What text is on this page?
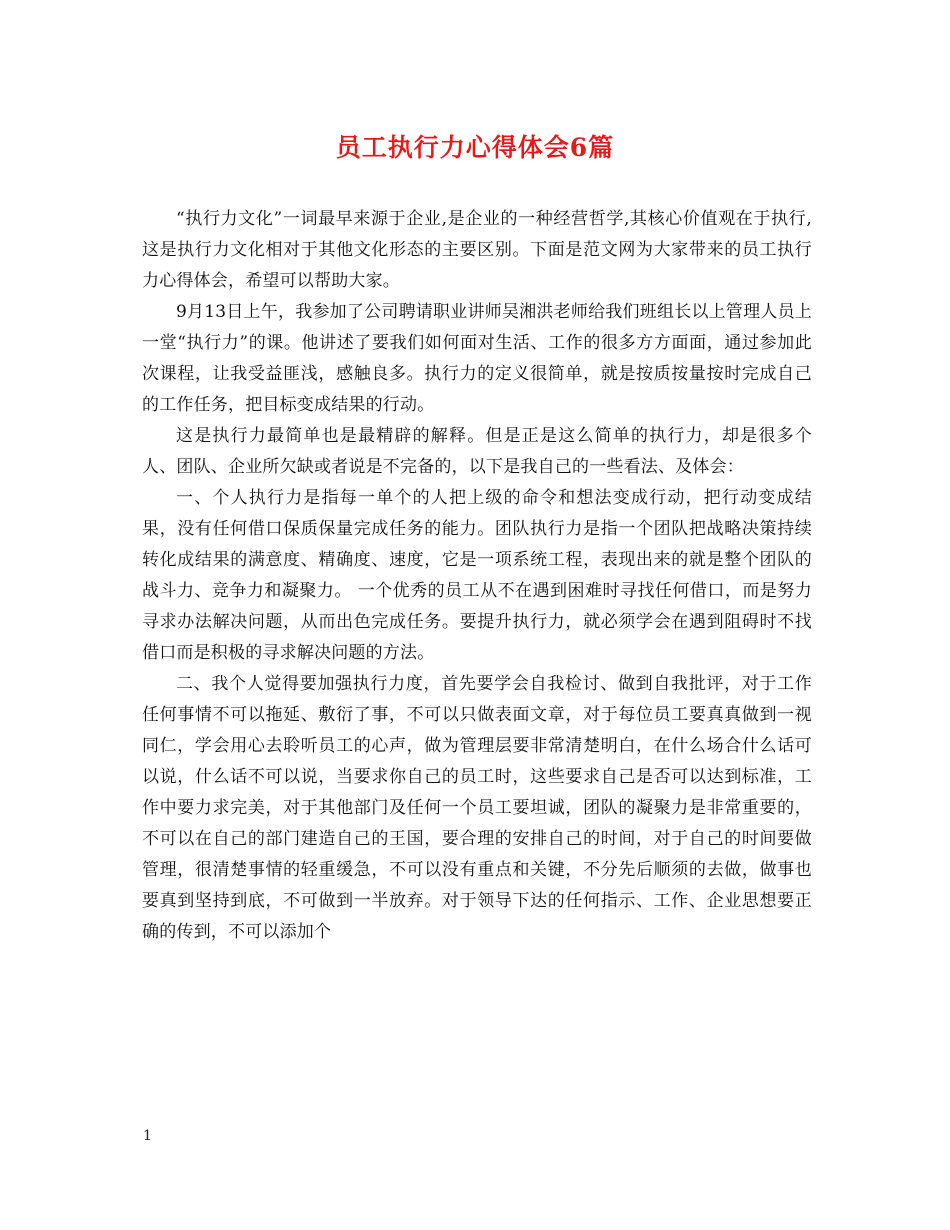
员工执行力心得体会6篇

“执行力文化”一词最早来源于企业,是企业的一种经营哲学,其核心价值观在于执行,这是执行力文化相对于其他文化形态的主要区别。下面是范文网为大家带来的员工执行力心得体会，希望可以帮助大家。

9月13日上午，我参加了公司聘请职业讲师吴湘洪老师给我们班组长以上管理人员上一堂“执行力”的课。他讲述了要我们如何面对生活、工作的很多方方面面，通过参加此次课程，让我受益匪浅，感触良多。执行力的定义很简单，就是按质按量按时完成自己的工作任务，把目标变成结果的行动。

这是执行力最简单也是最精辟的解释。但是正是这么简单的执行力，却是很多个人、团队、企业所欠缺或者说是不完备的，以下是我自己的一些看法、及体会：

一、个人执行力是指每一单个的人把上级的命令和想法变成行动，把行动变成结果，没有任何借口保质保量完成任务的能力。团队执行力是指一个团队把战略决策持续转化成结果的满意度、精确度、速度，它是一项系统工程，表现出来的就是整个团队的战斗力、竞争力和凝聚力。 一个优秀的员工从不在遇到困难时寻找任何借口，而是努力寻求办法解决问题，从而出色完成任务。要提升执行力，就必须学会在遇到阻碍时不找借口而是积极的寻求解决问题的方法。

二、我个人觉得要加强执行力度，首先要学会自我检讨、做到自我批评，对于工作任何事情不可以拖延、敷衍了事，不可以只做表面文章，对于每位员工要真真做到一视同仁，学会用心去聆听员工的心声，做为管理层要非常清楚明白，在什么场合什么话可以说，什么话不可以说，当要求你自己的员工时，这些要求自己是否可以达到标准，工作中要力求完美，对于其他部门及任何一个员工要坦诚，团队的凝聚力是非常重要的，不可以在自己的部门建造自己的王国，要合理的安排自己的时间，对于自己的时间要做管理，很清楚事情的轻重缓急，不可以没有重点和关键，不分先后顺须的去做，做事也要真到坚持到底，不可做到一半放弃。对于领导下达的任何指示、工作、企业思想要正确的传到，不可以添加个

1
